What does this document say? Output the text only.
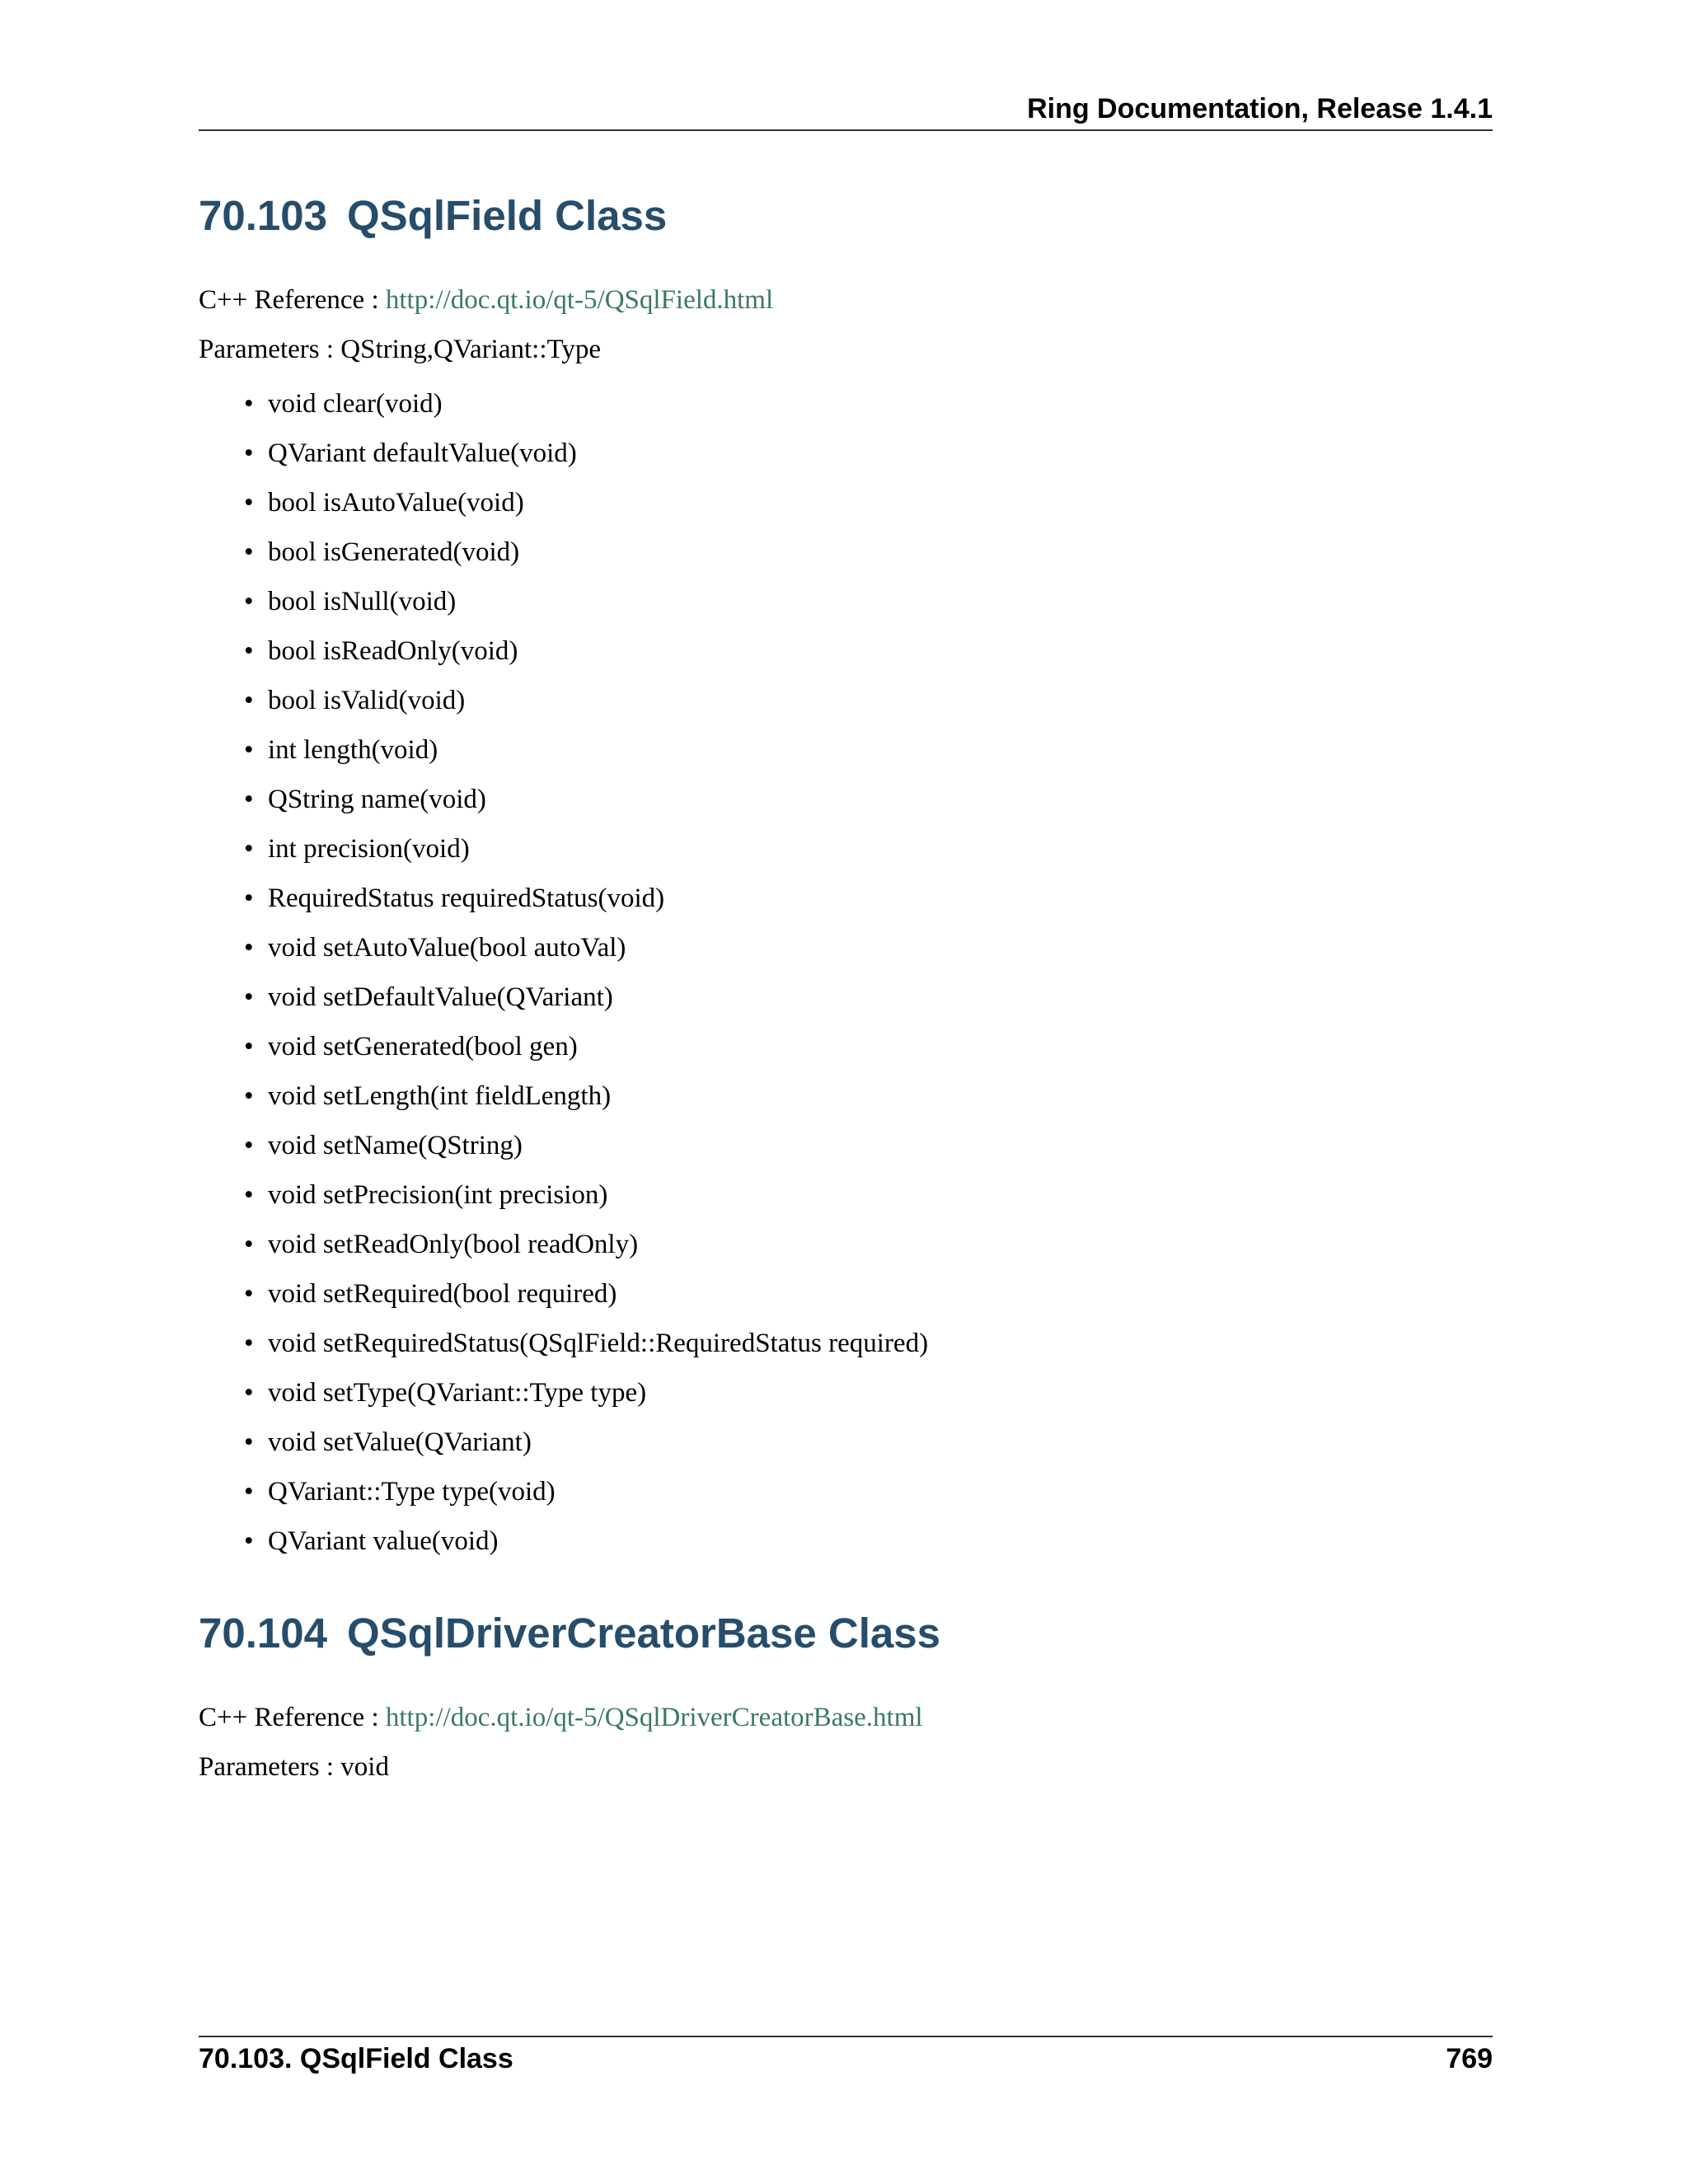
Ring Documentation, Release 1.4.1
70.103 QSqlField Class

C++ Reference : http://doc.qt.io/qt-5/QSqlField.html

Parameters : QString,QVariant::Type

• void clear(void)
• QVariant defaultValue(void)
• bool isAutoValue(void)
• bool isGenerated(void)
• bool isNull(void)
• bool isReadOnly(void)
• bool isValid(void)
• int length(void)
• QString name(void)
• int precision(void)
• RequiredStatus requiredStatus(void)
• void setAutoValue(bool autoVal)
• void setDefaultValue(QVariant)
• void setGenerated(bool gen)
• void setLength(int fieldLength)
• void setName(QString)
• void setPrecision(int precision)
• void setReadOnly(bool readOnly)
• void setRequired(bool required)
• void setRequiredStatus(QSqlField::RequiredStatus required)
• void setType(QVariant::Type type)
• void setValue(QVariant)
• QVariant::Type type(void)
• QVariant value(void)
70.104 QSqlDriverCreatorBase Class

C++ Reference : http://doc.qt.io/qt-5/QSqlDriverCreatorBase.html

Parameters : void

70.103. QSqlField Class	769
